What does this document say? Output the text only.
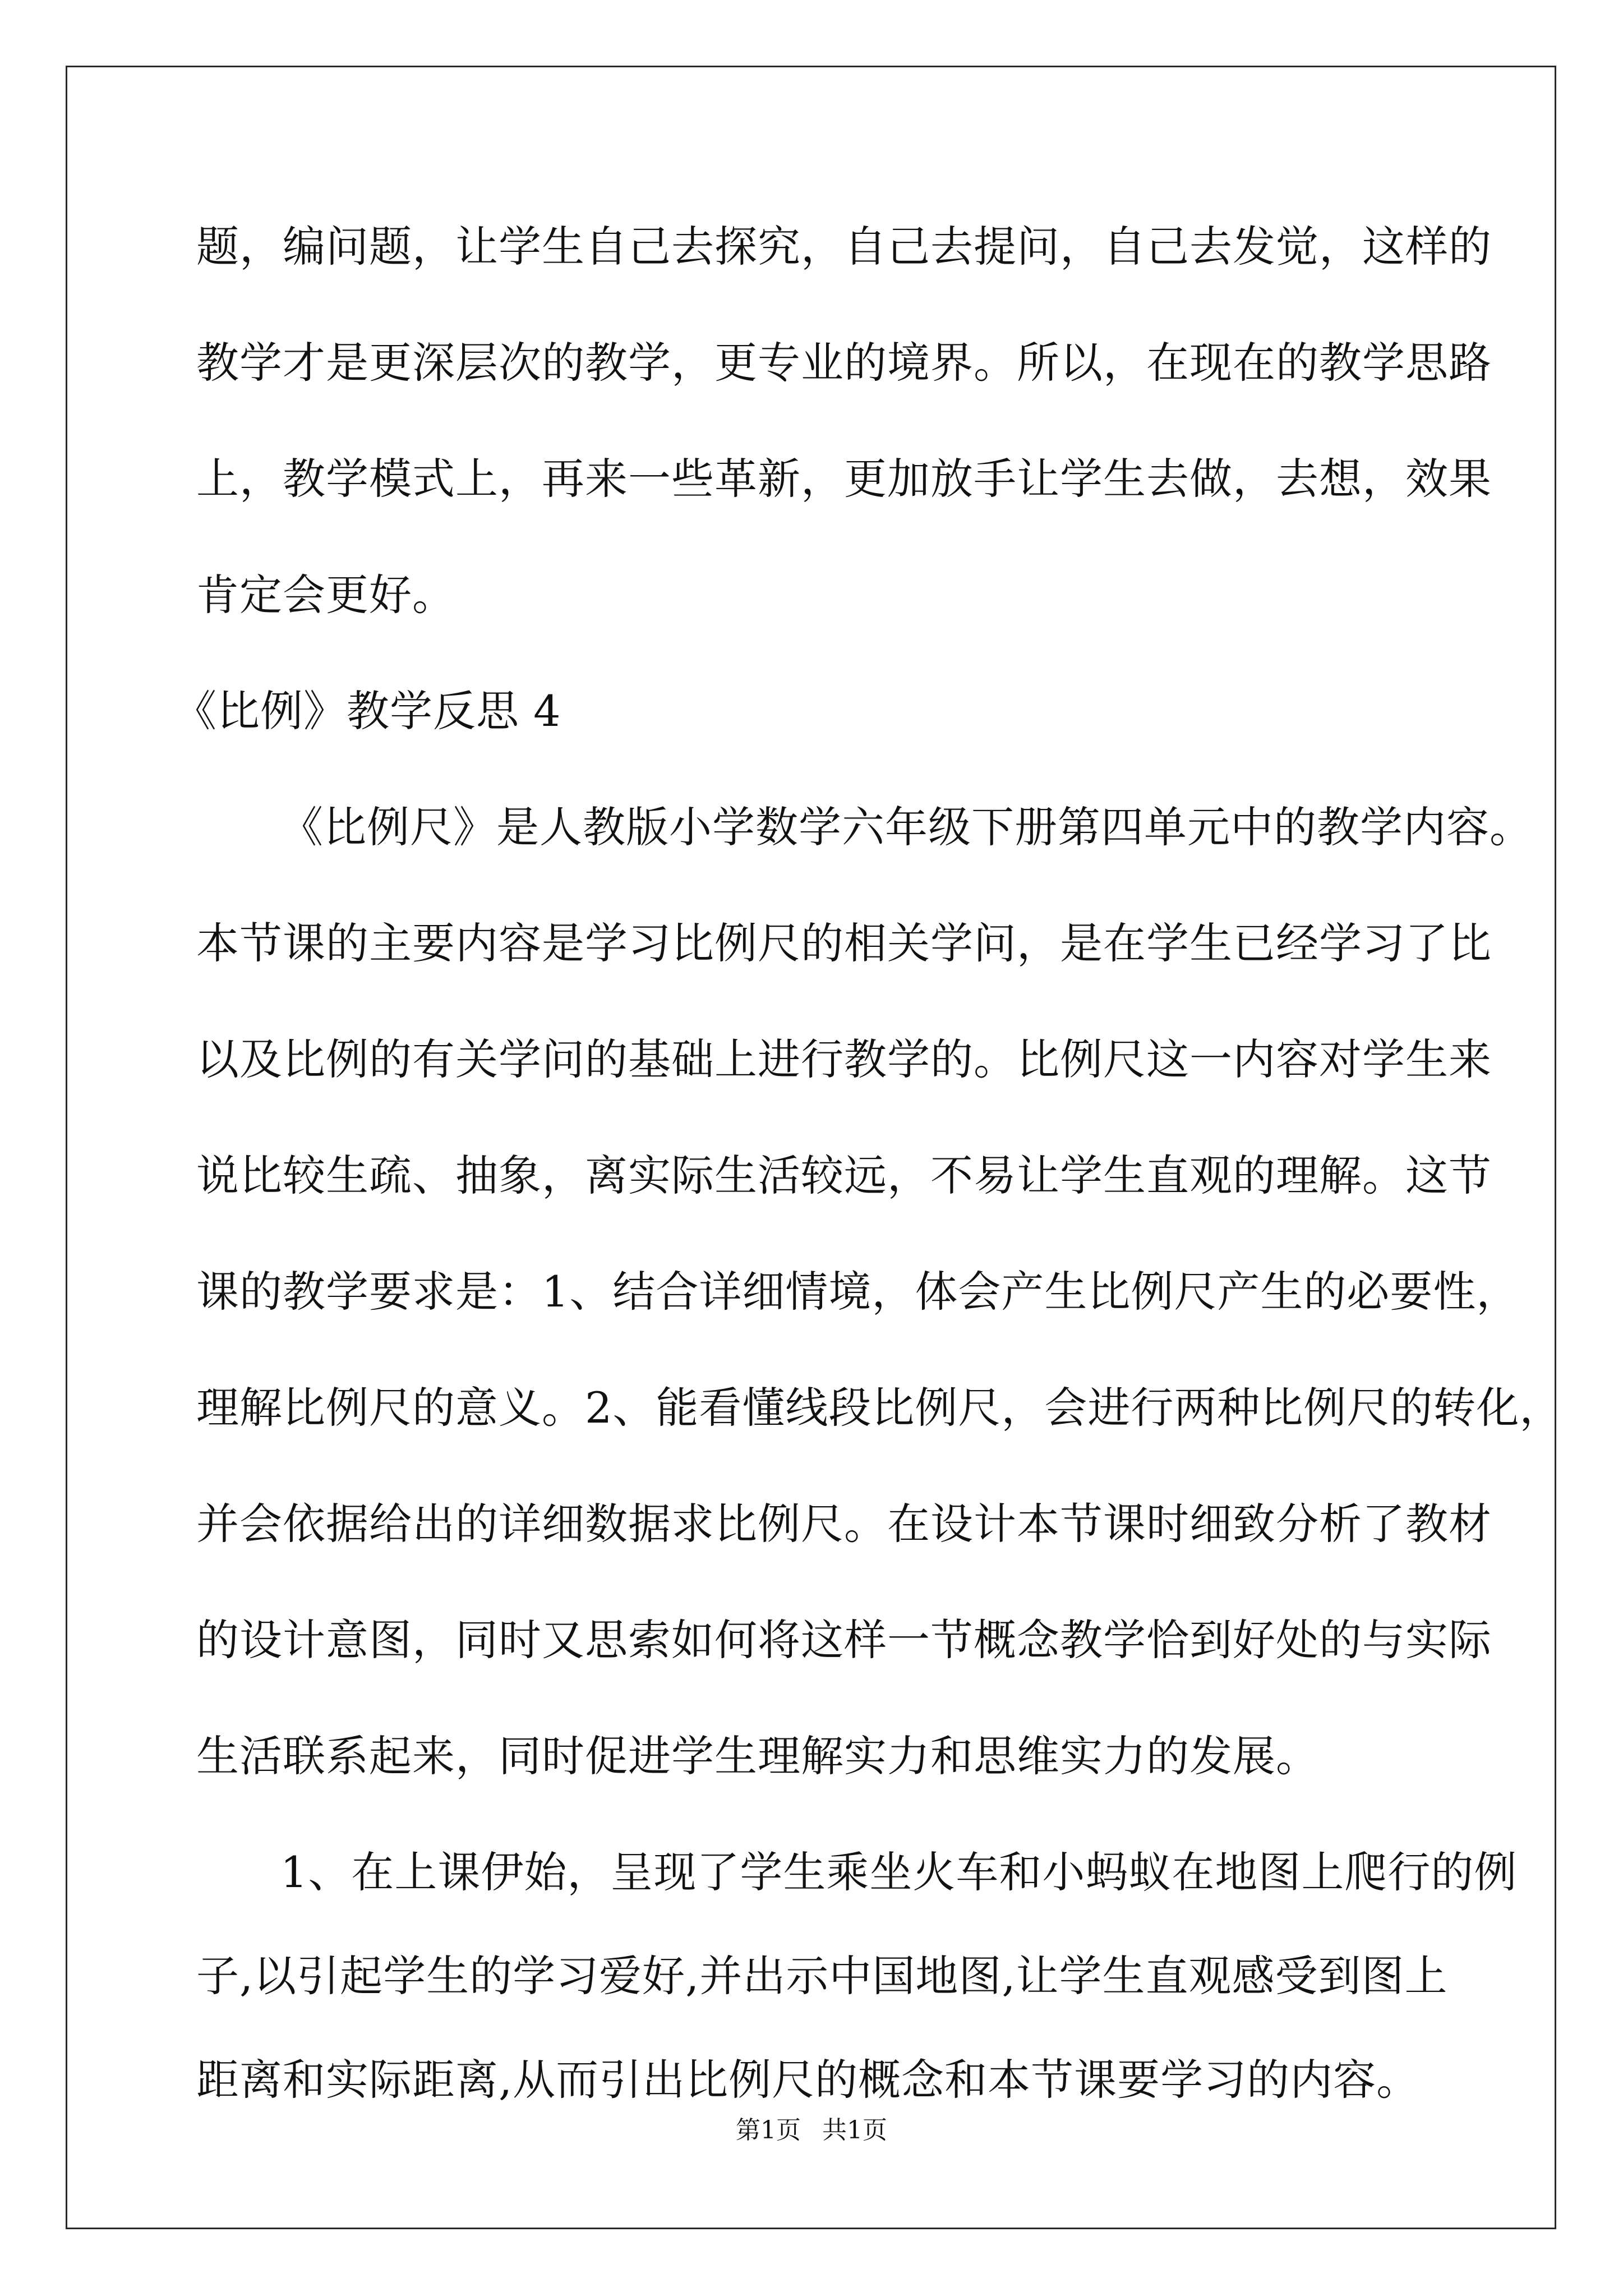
题，编问题，让学生自己去探究，自己去提问，自己去发觉，这样的
教学才是更深层次的教学，更专业的境界。所以，在现在的教学思路
上，教学模式上，再来一些革新，更加放手让学生去做，去想，效果
肯定会更好。
《比例》教学反思 4
《比例尺》是人教版小学数学六年级下册第四单元中的教学内容。
本节课的主要内容是学习比例尺的相关学问，是在学生已经学习了比
以及比例的有关学问的基础上进行教学的。比例尺这一内容对学生来
说比较生疏、抽象，离实际生活较远，不易让学生直观的理解。这节
课的教学要求是：1、结合详细情境，体会产生比例尺产生的必要性，
理解比例尺的意义。2、能看懂线段比例尺，会进行两种比例尺的转化，
并会依据给出的详细数据求比例尺。在设计本节课时细致分析了教材
的设计意图，同时又思索如何将这样一节概念教学恰到好处的与实际
生活联系起来，同时促进学生理解实力和思维实力的发展。
1、在上课伊始，呈现了学生乘坐火车和小蚂蚁在地图上爬行的例
子,以引起学生的学习爱好,并出示中国地图,让学生直观感受到图上
距离和实际距离,从而引出比例尺的概念和本节课要学习的内容。
第1页 共1页
